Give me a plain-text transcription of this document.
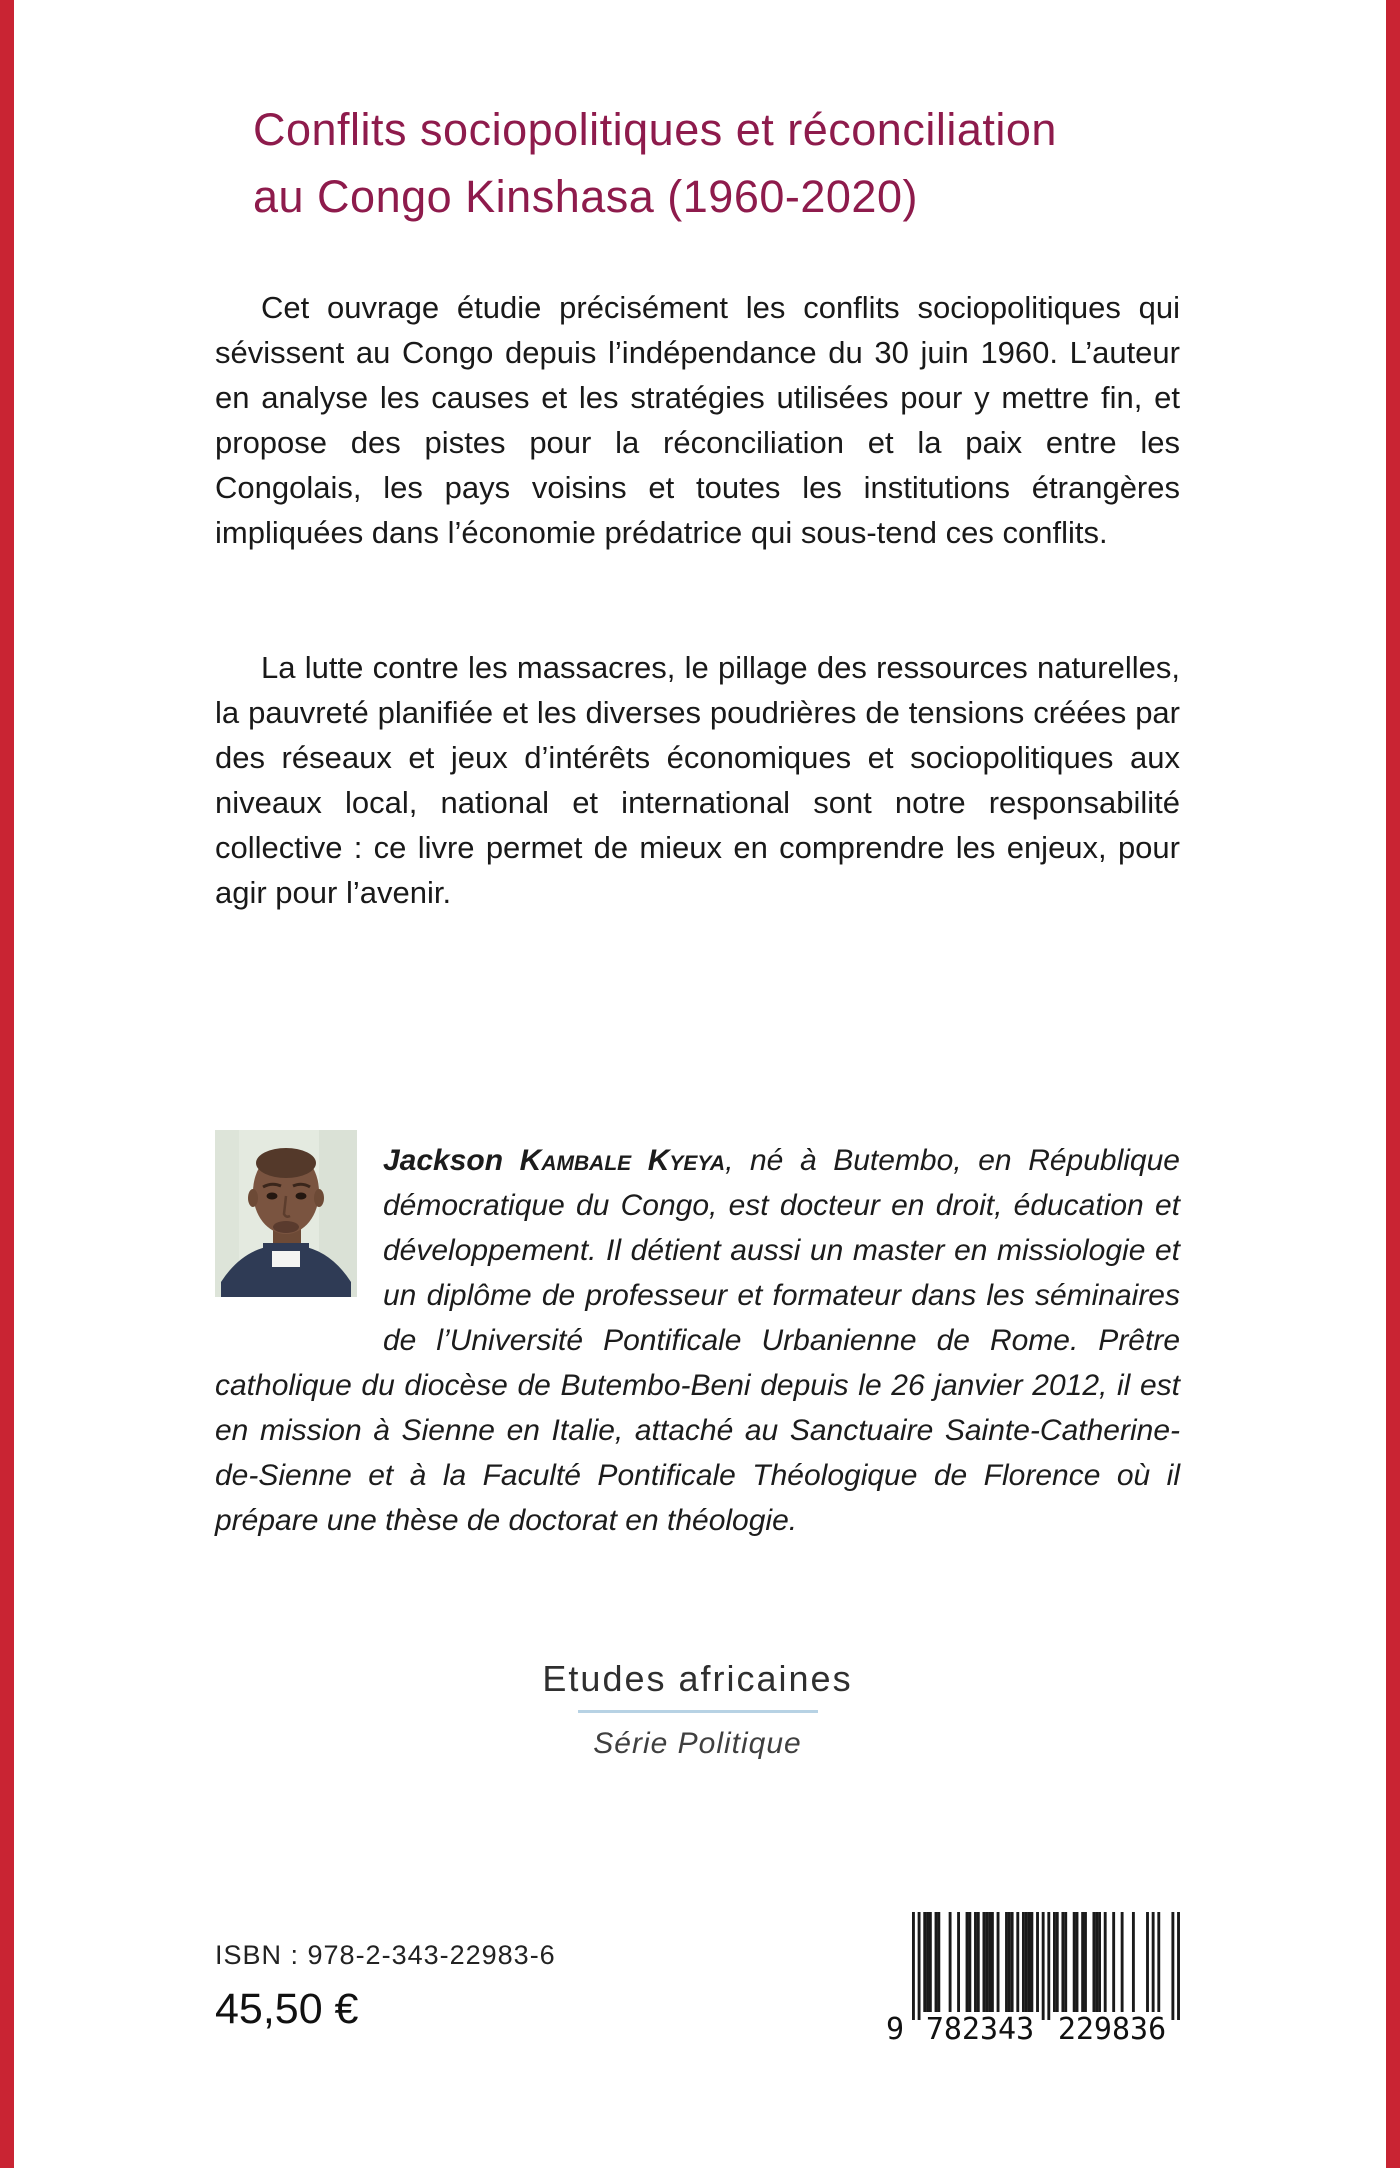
Conflits sociopolitiques et réconciliation
au Congo Kinshasa (1960-2020)

Cet ouvrage étudie précisément les conflits sociopolitiques qui sévissent au Congo depuis l’indépendance du 30 juin 1960. L’auteur en analyse les causes et les stratégies utilisées pour y mettre fin, et propose des pistes pour la réconciliation et la paix entre les Congolais, les pays voisins et toutes les institutions étrangères impliquées dans l’économie prédatrice qui sous-tend ces conflits.

La lutte contre les massacres, le pillage des ressources naturelles, la pauvreté planifiée et les diverses poudrières de tensions créées par des réseaux et jeux d’intérêts économiques et sociopolitiques aux niveaux local, national et international sont notre responsabilité collective : ce livre permet de mieux en comprendre les enjeux, pour agir pour l’avenir.

Jackson Kambale Kyeya, né à Butembo, en République démocratique du Congo, est docteur en droit, éducation et développement. Il détient aussi un master en missiologie et un diplôme de professeur et formateur dans les séminaires de l’Université Pontificale Urbanienne de Rome. Prêtre catholique du diocèse de Butembo-Beni depuis le 26 janvier 2012, il est en mission à Sienne en Italie, attaché au Sanctuaire Sainte-Catherine-de-Sienne et à la Faculté Pontificale Théologique de Florence où il prépare une thèse de doctorat en théologie.
Etudes africaines
Série Politique
ISBN : 978-2-343-22983-6
45,50 €	9 782343 229836
